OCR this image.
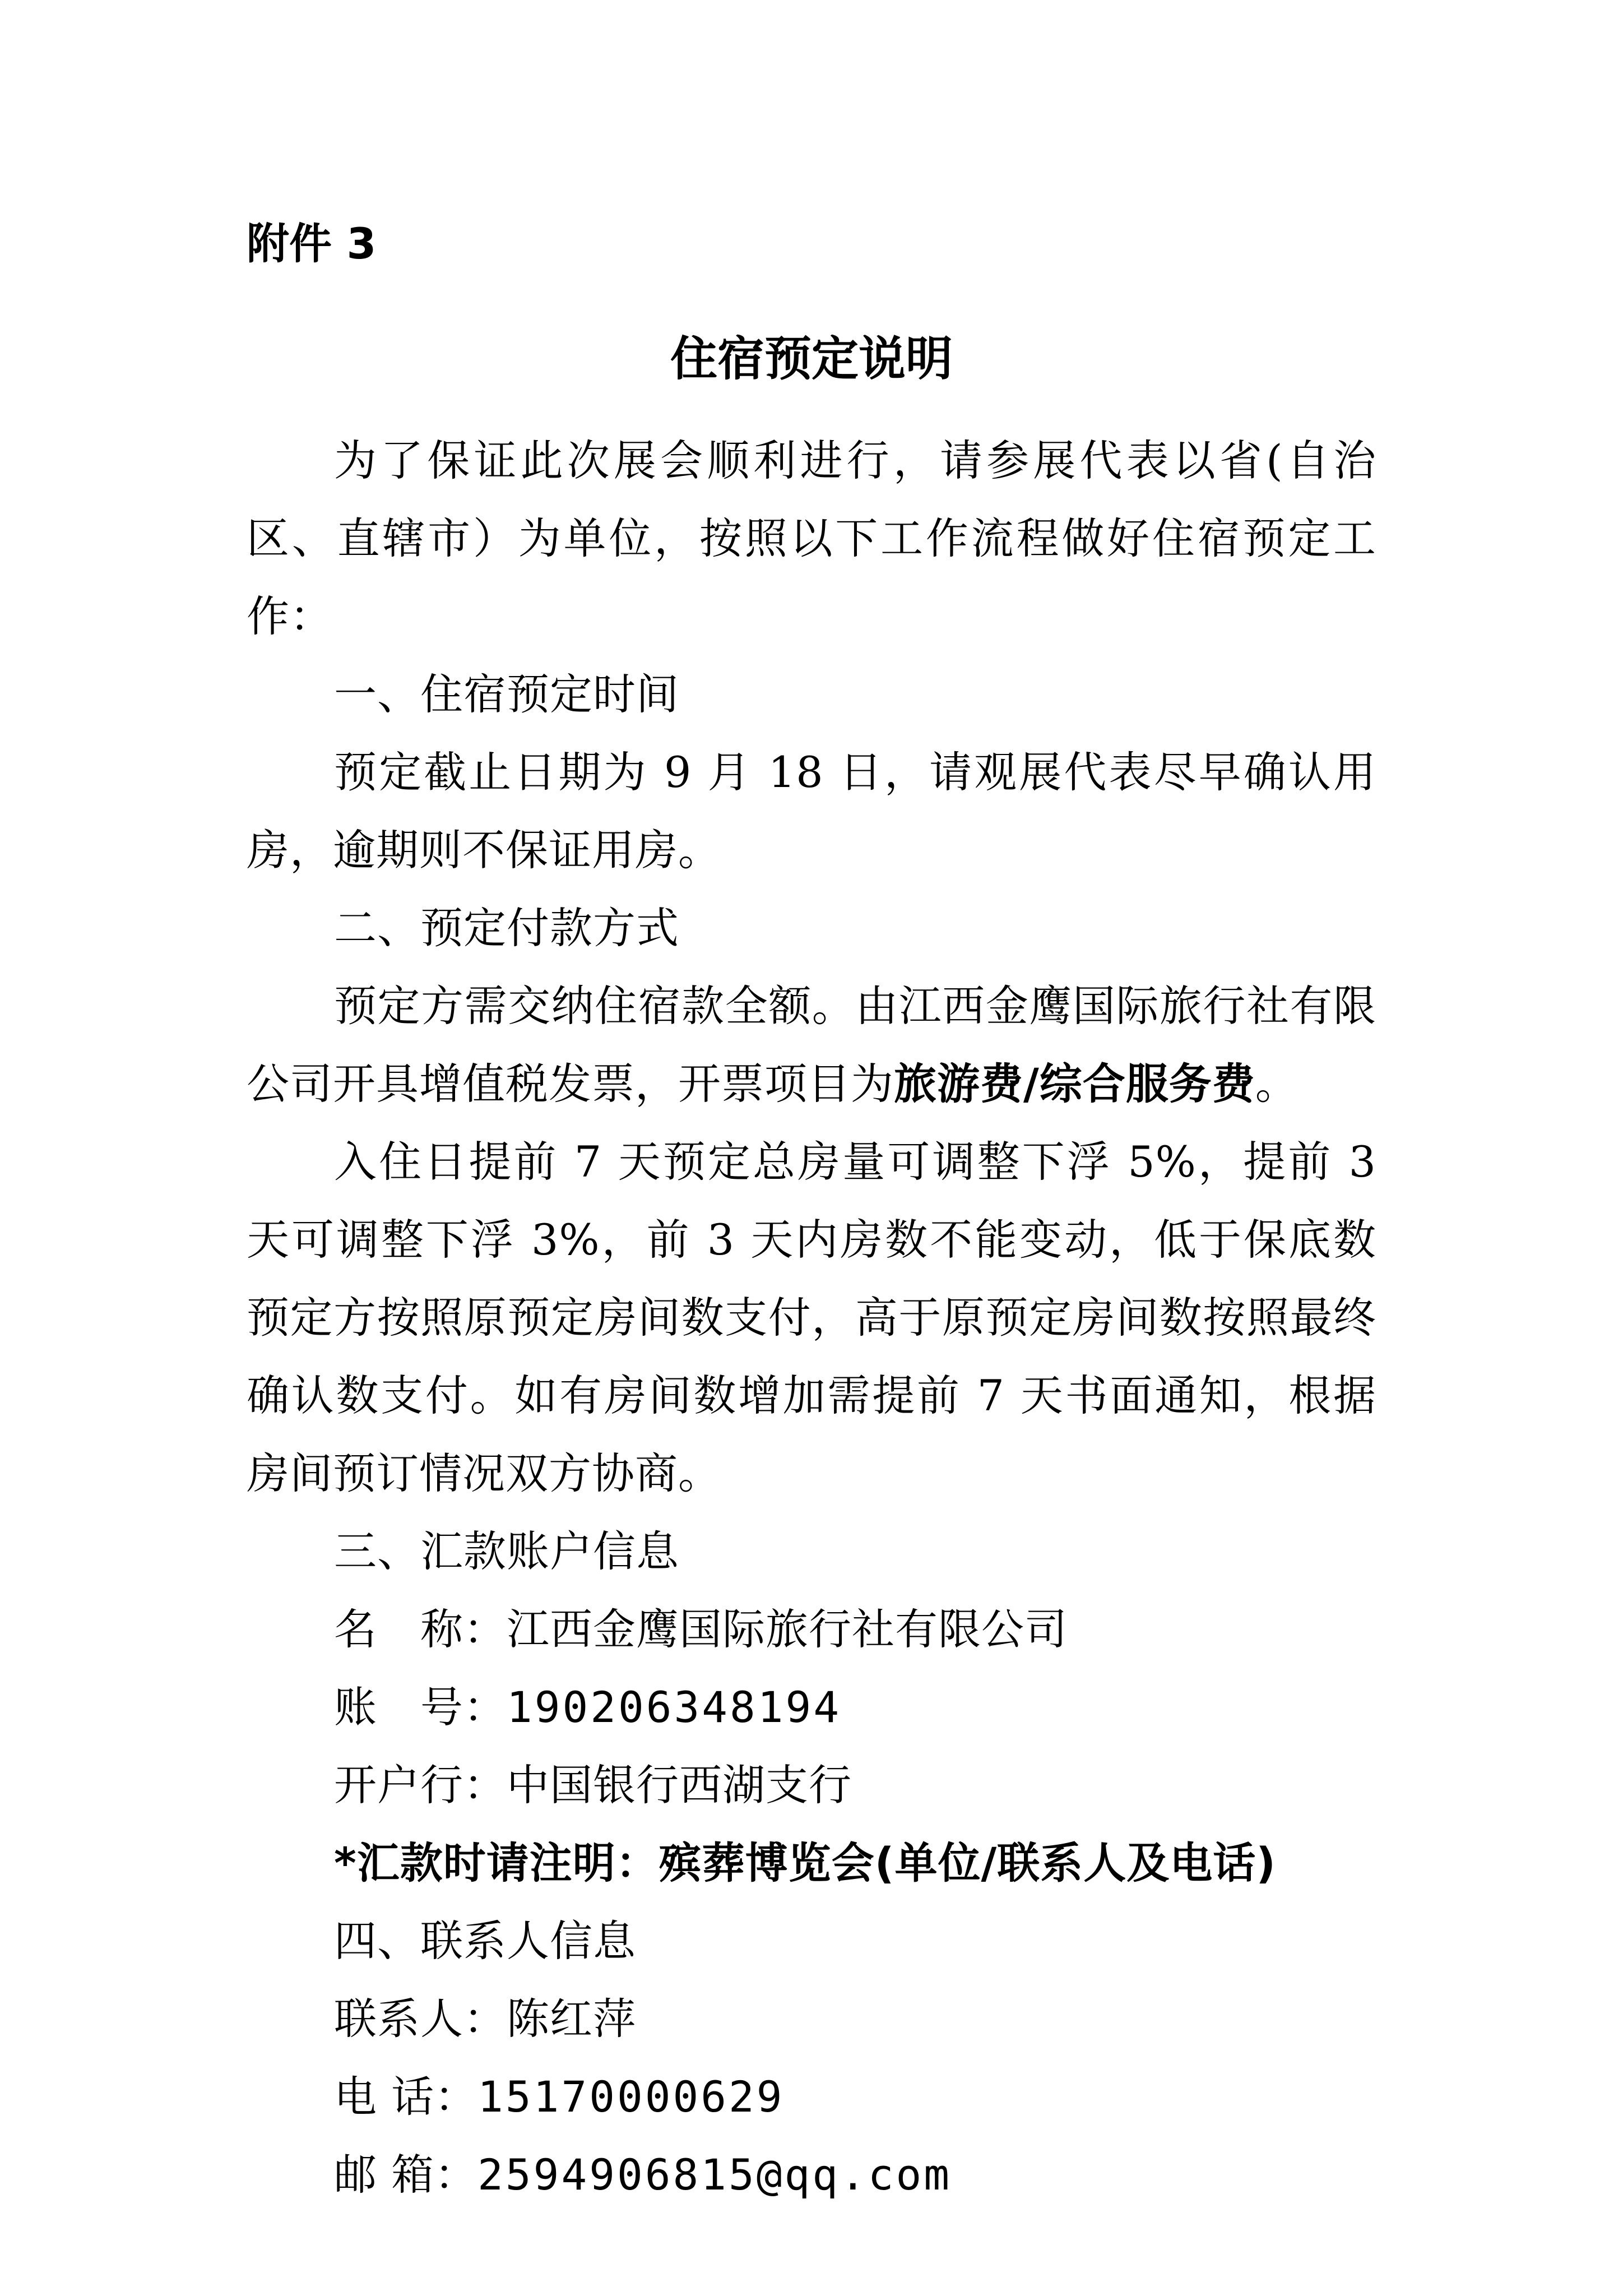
附件 3
住宿预定说明

为了保证此次展会顺利进行，请参展代表以省(自治区、直辖市）为单位，按照以下工作流程做好住宿预定工作：

一、住宿预定时间

预定截止日期为 9 月 18 日，请观展代表尽早确认用房，逾期则不保证用房。

二、预定付款方式

预定方需交纳住宿款全额。由江西金鹰国际旅行社有限公司开具增值税发票，开票项目为旅游费/综合服务费。

入住日提前 7 天预定总房量可调整下浮 5%，提前 3 天可调整下浮 3%，前 3 天内房数不能变动，低于保底数预定方按照原预定房间数支付，高于原预定房间数按照最终确认数支付。如有房间数增加需提前 7 天书面通知，根据房间预订情况双方协商。

三、汇款账户信息

名　称：江西金鹰国际旅行社有限公司

账　号：190206348194

开户行：中国银行西湖支行

*汇款时请注明：殡葬博览会(单位/联系人及电话)

四、联系人信息

联系人：陈红萍

电 话：15170000629

邮 箱：2594906815@qq.com
